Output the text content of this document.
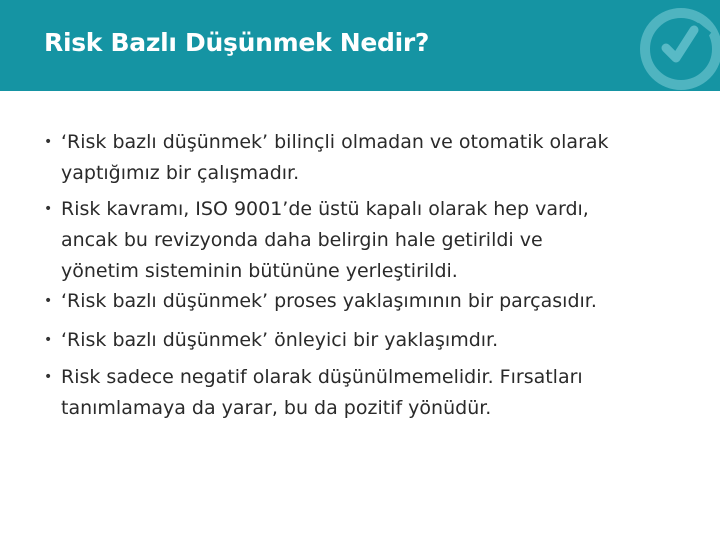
Risk Bazlı Düşünmek Nedir?
• ‘Risk bazlı düşünmek’ bilinçli olmadan ve otomatik olarak
yaptığımız bir çalışmadır.
• Risk kavramı, ISO 9001’de üstü kapalı olarak hep vardı,
ancak bu revizyonda daha belirgin hale getirildi ve
yönetim sisteminin bütününe yerleştirildi.
• ‘Risk bazlı düşünmek’ proses yaklaşımının bir parçasıdır.
• ‘Risk bazlı düşünmek’ önleyici bir yaklaşımdır.
• Risk sadece negatif olarak düşünülmemelidir. Fırsatları
tanımlamaya da yarar, bu da pozitif yönüdür.
